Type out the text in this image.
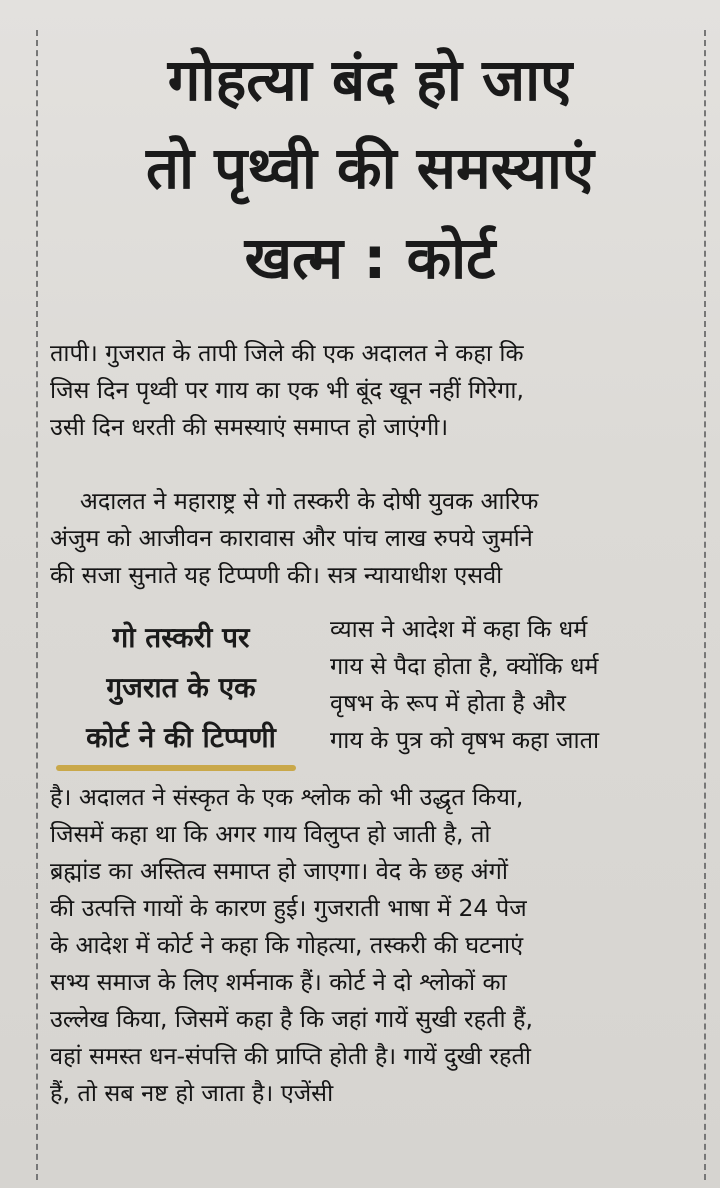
गोहत्या बंद हो जाए
तो पृथ्वी की समस्याएं
खत्म : कोर्ट

तापी। गुजरात के तापी जिले की एक अदालत ने कहा कि
जिस दिन पृथ्वी पर गाय का एक भी बूंद खून नहीं गिरेगा,
उसी दिन धरती की समस्याएं समाप्त हो जाएंगी।

अदालत ने महाराष्ट्र से गो तस्करी के दोषी युवक आरिफ
अंजुम को आजीवन कारावास और पांच लाख रुपये जुर्माने
की सजा सुनाते यह टिप्पणी की। सत्र न्यायाधीश एसवी

गो तस्करी पर
गुजरात के एक
कोर्ट ने की टिप्पणी

व्यास ने आदेश में कहा कि धर्म
गाय से पैदा होता है, क्योंकि धर्म
वृषभ के रूप में होता है और
गाय के पुत्र को वृषभ कहा जाता

है। अदालत ने संस्कृत के एक श्लोक को भी उद्धृत किया,
जिसमें कहा था कि अगर गाय विलुप्त हो जाती है, तो
ब्रह्मांड का अस्तित्व समाप्त हो जाएगा। वेद के छह अंगों
की उत्पत्ति गायों के कारण हुई। गुजराती भाषा में 24 पेज
के आदेश में कोर्ट ने कहा कि गोहत्या, तस्करी की घटनाएं
सभ्य समाज के लिए शर्मनाक हैं। कोर्ट ने दो श्लोकों का
उल्लेख किया, जिसमें कहा है कि जहां गायें सुखी रहती हैं,
वहां समस्त धन-संपत्ति की प्राप्ति होती है। गायें दुखी रहती
हैं, तो सब नष्ट हो जाता है। एजेंसी
